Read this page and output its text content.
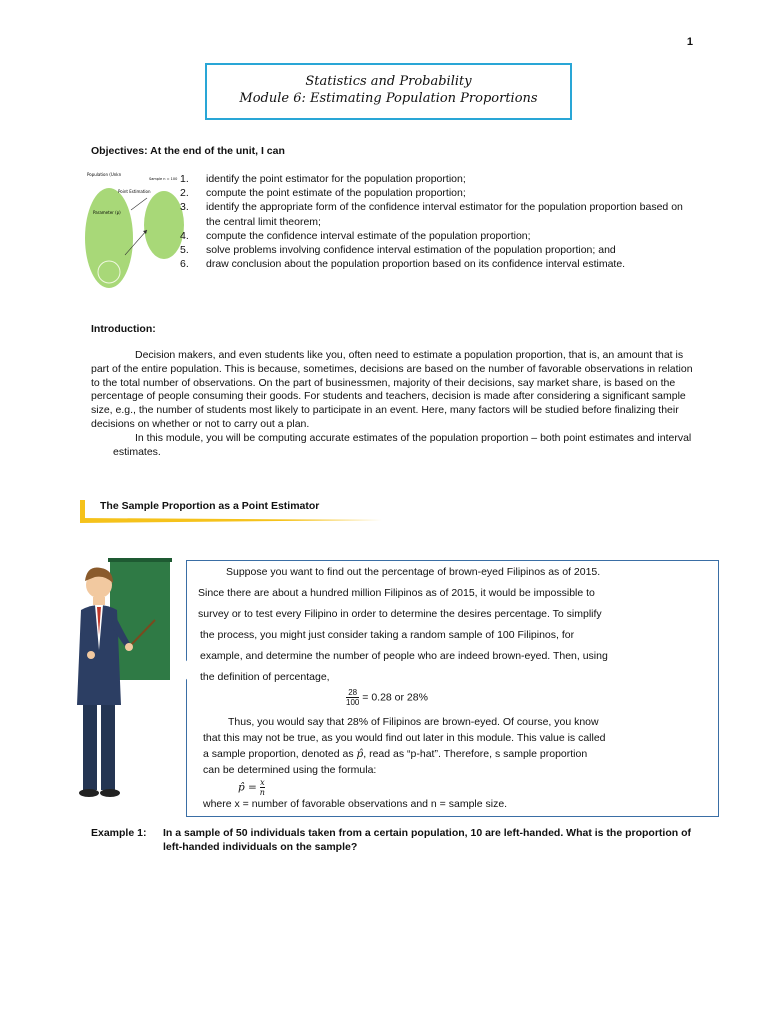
1
Statistics and Probability
Module 6: Estimating Population Proportions
Objectives: At the end of the unit, I can
Population (Unkn
Point Estimation
Sample n = 100
Parameter (p)
1. identify the point estimator for the population proportion;
2. compute the point estimate of the population proportion;
3. identify the appropriate form of the confidence interval estimator for the population proportion based on the central limit theorem;
4. compute the confidence interval estimate of the population proportion;
5. solve problems involving confidence interval estimation of the population proportion; and
6. draw conclusion about the population proportion based on its confidence interval estimate.
Introduction:

Decision makers, and even students like you, often need to estimate a population proportion, that is, an amount that is part of the entire population. This is because, sometimes, decisions are based on the number of favorable observations in relation to the total number of observations. On the part of businessmen, majority of their decisions, say market share, is based on the percentage of people consuming their goods. For students and teachers, decision is made after considering a significant sample size, e.g., the number of students most likely to participate in an event. Here, many factors will be studied before finalizing their decisions on whether or not to carry out a plan.

In this module, you will be computing accurate estimates of the population proportion – both point estimates and interval estimates.

The Sample Proportion as a Point Estimator
Suppose you want to find out the percentage of brown-eyed Filipinos as of 2015.
Since there are about a hundred million Filipinos as of 2015, it would be impossible to
survey or to test every Filipino in order to determine the desires percentage. To simplify
the process, you might just consider taking a random sample of 100 Filipinos, for
example, and determine the number of people who are indeed brown-eyed. Then, using
the definition of percentage,
$\frac{28}{100} = 0.28$ or 28%
Thus, you would say that 28% of Filipinos are brown-eyed. Of course, you know
that this may not be true, as you would find out later in this module. This value is called
a sample proportion, denoted as p̂, read as “p-hat”. Therefore, s sample proportion
can be determined using the formula:
p̂ = $\frac{x}{n}$
where x = number of favorable observations and n = sample size.
Example 1: In a sample of 50 individuals taken from a certain population, 10 are left-handed. What is the proportion of left-handed individuals on the sample?
